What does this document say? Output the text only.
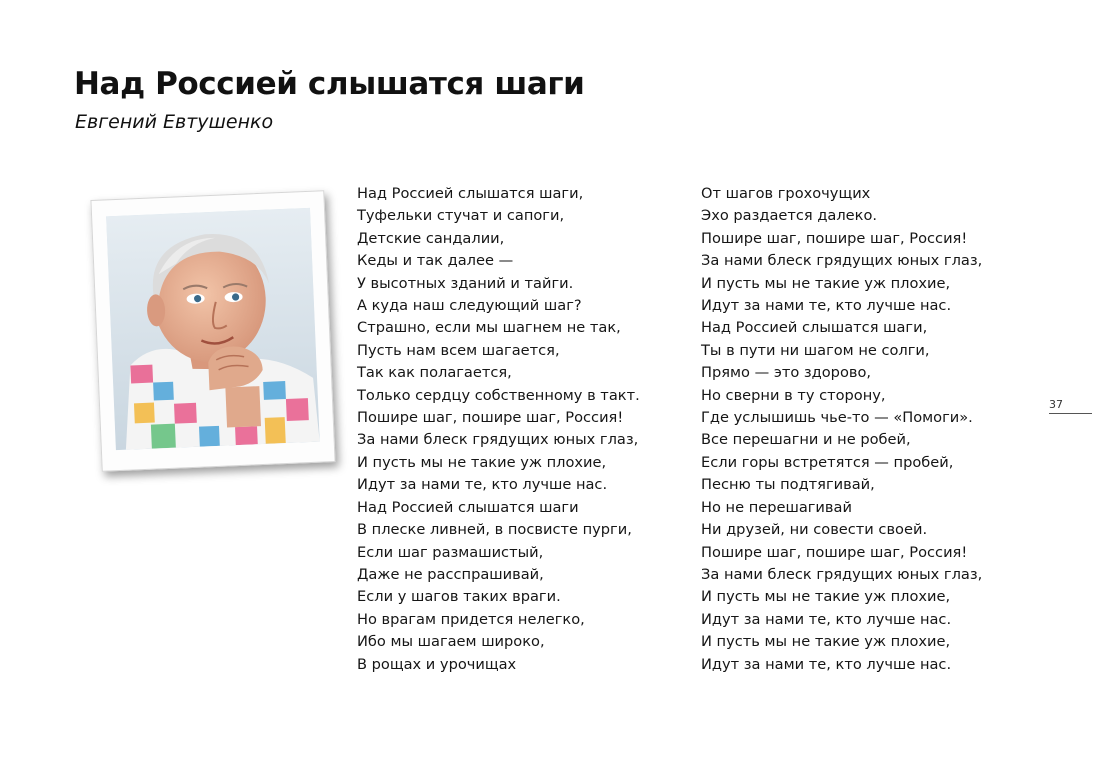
Над Россией слышатся шаги
Евгений Евтушенко
Над Россией слышатся шаги,
Туфельки стучат и сапоги,
Детские сандалии,
Кеды и так далее —
У высотных зданий и тайги.
А куда наш следующий шаг?
Страшно, если мы шагнем не так,
Пусть нам всем шагается,
Так как полагается,
Только сердцу собственному в такт.
Пошире шаг, пошире шаг, Россия!
За нами блеск грядущих юных глаз,
И пусть мы не такие уж плохие,
Идут за нами те, кто лучше нас.
Над Россией слышатся шаги
В плеске ливней, в посвисте пурги,
Если шаг размашистый,
Даже не расспрашивай,
Если у шагов таких враги.
Но врагам придется нелегко,
Ибо мы шагаем широко,
В рощах и урочищах
От шагов грохочущих
Эхо раздается далеко.
Пошире шаг, пошире шаг, Россия!
За нами блеск грядущих юных глаз,
И пусть мы не такие уж плохие,
Идут за нами те, кто лучше нас.
Над Россией слышатся шаги,
Ты в пути ни шагом не солги,
Прямо — это здорово,
Но сверни в ту сторону,
Где услышишь чье-то — «Помоги».
Все перешагни и не робей,
Если горы встретятся — пробей,
Песню ты подтягивай,
Но не перешагивай
Ни друзей, ни совести своей.
Пошире шаг, пошире шаг, Россия!
За нами блеск грядущих юных глаз,
И пусть мы не такие уж плохие,
Идут за нами те, кто лучше нас.
И пусть мы не такие уж плохие,
Идут за нами те, кто лучше нас.
37
